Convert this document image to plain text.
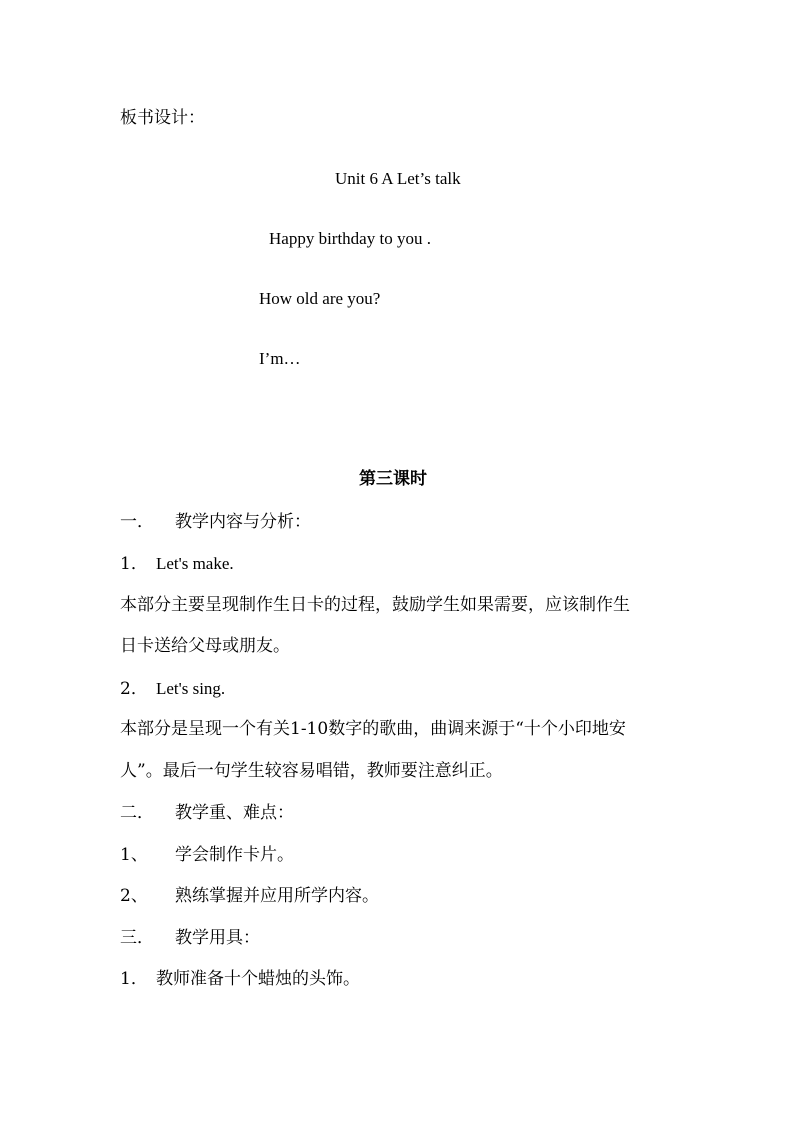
板书设计：
Unit 6 A Let’s talk
Happy birthday to you .
How old are you?
I’m…
第三课时
一． 教学内容与分析：
1． Let's make.
本部分主要呈现制作生日卡的过程，鼓励学生如果需要，应该制作生
日卡送给父母或朋友。
2． Let's sing.
本部分是呈现一个有关1-10数字的歌曲，曲调来源于“十个小印地安
人”。最后一句学生较容易唱错，教师要注意纠正。
二． 教学重、难点：
1、 学会制作卡片。
2、 熟练掌握并应用所学内容。
三． 教学用具：
1． 教师准备十个蜡烛的头饰。
